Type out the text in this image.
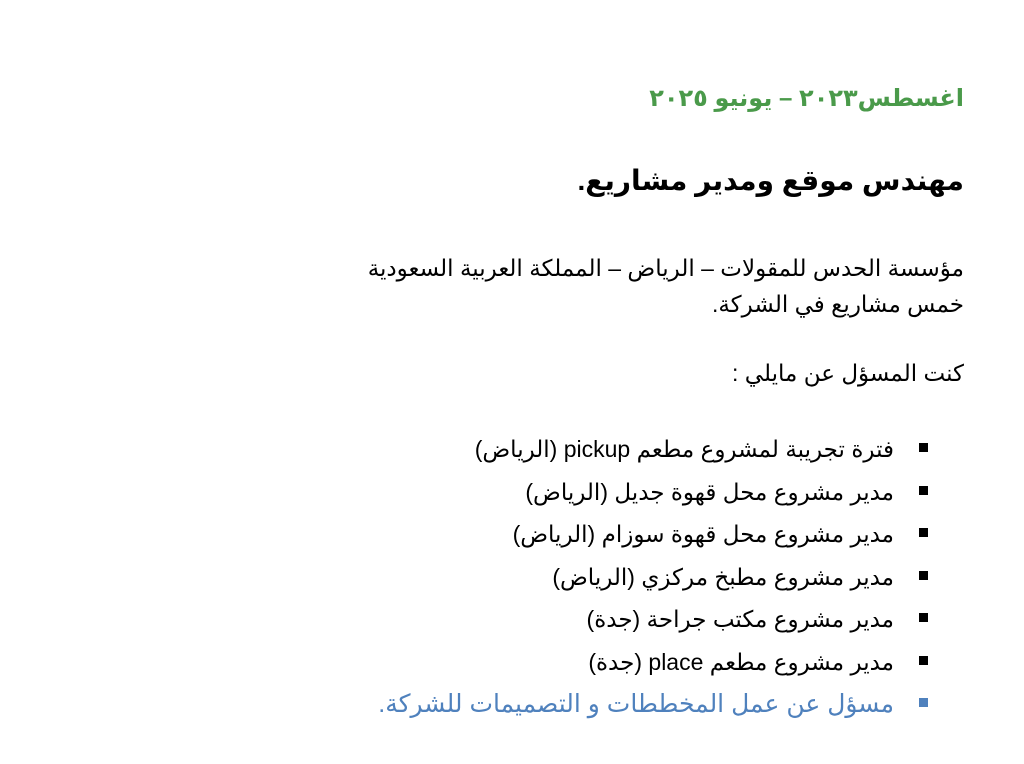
اغسطس٢٠٢٣ – يونيو ٢٠٢٥
مهندس موقع ومدير مشاريع.
مؤسسة الحدس للمقولات – الرياض – المملكة العربية السعودية
خمس مشاريع في الشركة.
كنت المسؤل عن مايلي :
فترة تجريبة لمشروع مطعم pickup (الرياض)
مدير مشروع محل قهوة جديل (الرياض)
مدير مشروع محل قهوة سوزام (الرياض)
مدير مشروع مطبخ مركزي (الرياض)
مدير مشروع مكتب جراحة (جدة)
مدير مشروع مطعم place (جدة)
مسؤل عن عمل المخططات و التصميمات للشركة.
